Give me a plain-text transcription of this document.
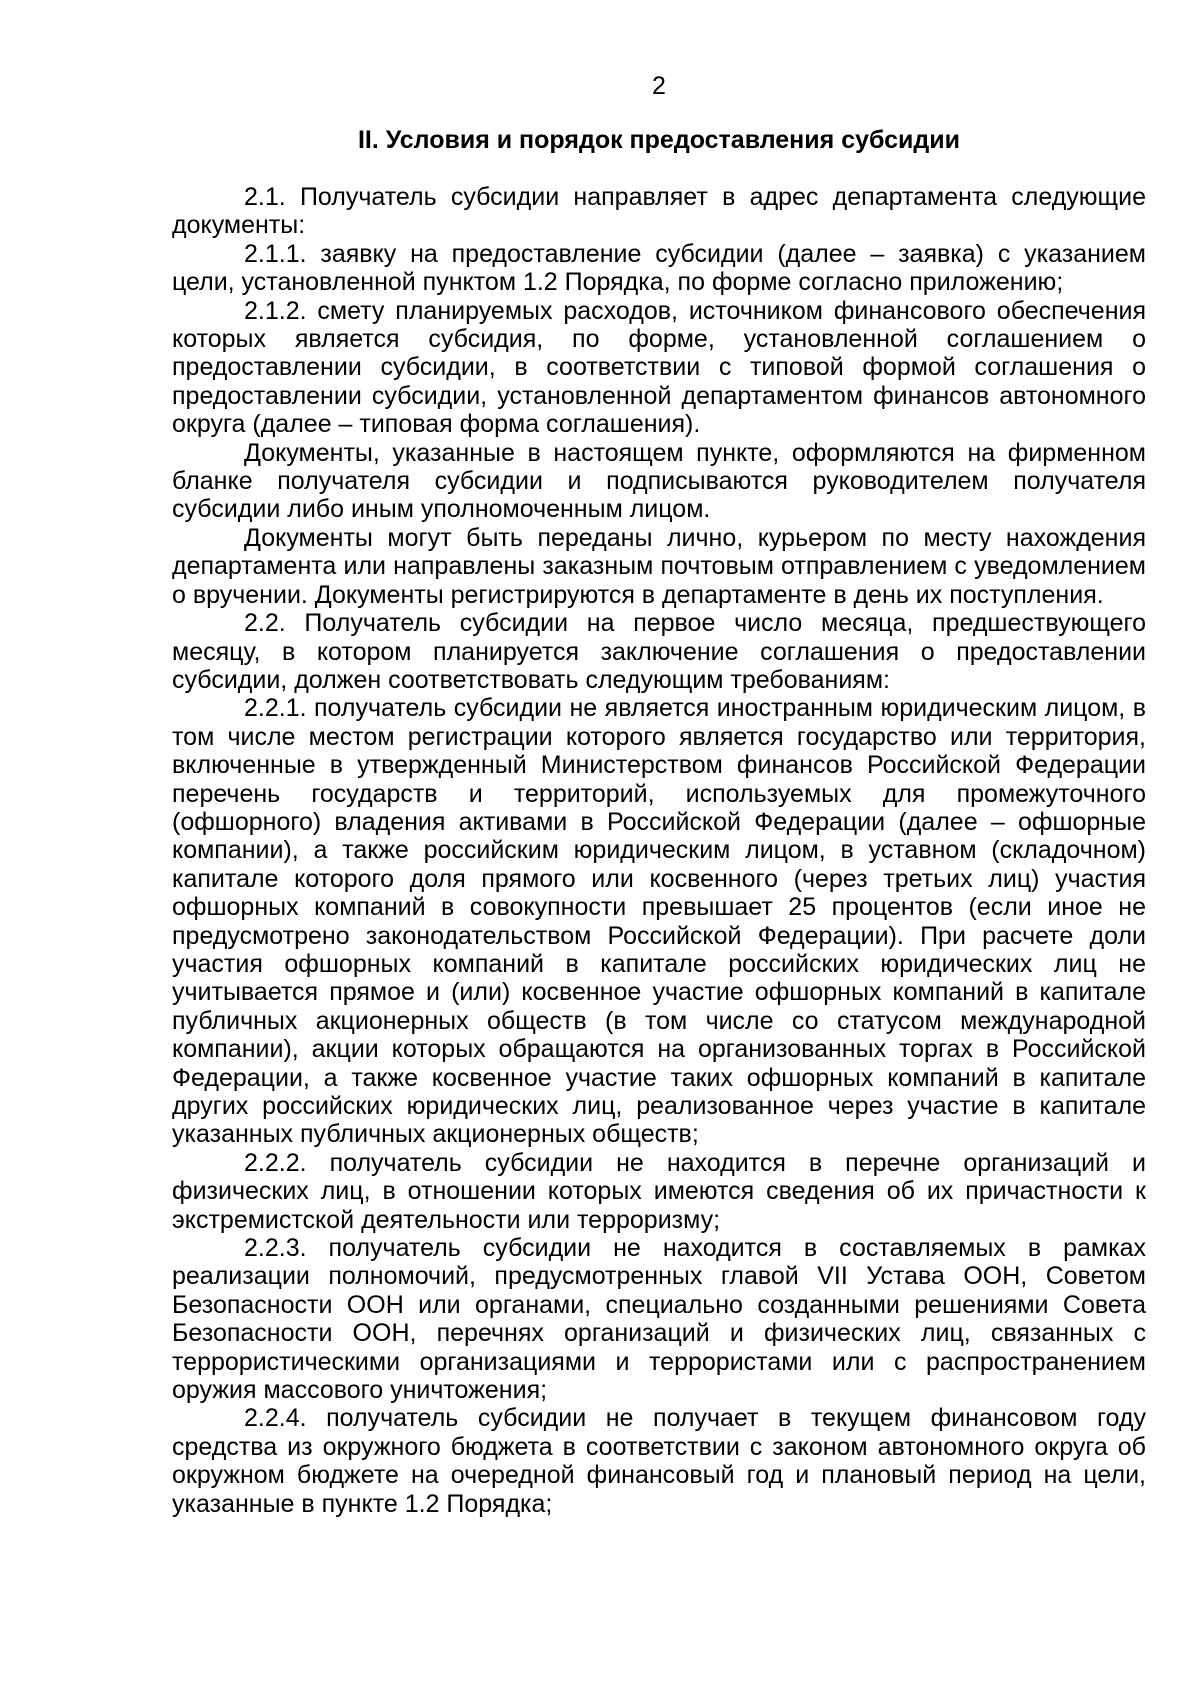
2
II. Условия и порядок предоставления субсидии

2.1. Получатель субсидии направляет в адрес департамента следующие документы:

2.1.1. заявку на предоставление субсидии (далее – заявка) с указанием цели, установленной пунктом 1.2 Порядка, по форме согласно приложению;

2.1.2. смету планируемых расходов, источником финансового обеспечения которых является субсидия, по форме, установленной соглашением о предоставлении субсидии, в соответствии с типовой формой соглашения о предоставлении субсидии, установленной департаментом финансов автономного округа (далее – типовая форма соглашения).

Документы, указанные в настоящем пункте, оформляются на фирменном бланке получателя субсидии и подписываются руководителем получателя субсидии либо иным уполномоченным лицом.

Документы могут быть переданы лично, курьером по месту нахождения департамента или направлены заказным почтовым отправлением с уведомлением о вручении. Документы регистрируются в департаменте в день их поступления.

2.2. Получатель субсидии на первое число месяца, предшествующего месяцу, в котором планируется заключение соглашения о предоставлении субсидии, должен соответствовать следующим требованиям:

2.2.1. получатель субсидии не является иностранным юридическим лицом, в том числе местом регистрации которого является государство или территория, включенные в утвержденный Министерством финансов Российской Федерации перечень государств и территорий, используемых для промежуточного (офшорного) владения активами в Российской Федерации (далее – офшорные компании), а также российским юридическим лицом, в уставном (складочном) капитале которого доля прямого или косвенного (через третьих лиц) участия офшорных компаний в совокупности превышает 25 процентов (если иное не предусмотрено законодательством Российской Федерации). При расчете доли участия офшорных компаний в капитале российских юридических лиц не учитывается прямое и (или) косвенное участие офшорных компаний в капитале публичных акционерных обществ (в том числе со статусом международной компании), акции которых обращаются на организованных торгах в Российской Федерации, а также косвенное участие таких офшорных компаний в капитале других российских юридических лиц, реализованное через участие в капитале указанных публичных акционерных обществ;

2.2.2. получатель субсидии не находится в перечне организаций и физических лиц, в отношении которых имеются сведения об их причастности к экстремистской деятельности или терроризму;

2.2.3. получатель субсидии не находится в составляемых в рамках реализации полномочий, предусмотренных главой VII Устава ООН, Советом Безопасности ООН или органами, специально созданными решениями Совета Безопасности ООН, перечнях организаций и физических лиц, связанных с террористическими организациями и террористами или с распространением оружия массового уничтожения;

2.2.4. получатель субсидии не получает в текущем финансовом году средства из окружного бюджета в соответствии с законом автономного округа об окружном бюджете на очередной финансовый год и плановый период на цели, указанные в пункте 1.2 Порядка;
